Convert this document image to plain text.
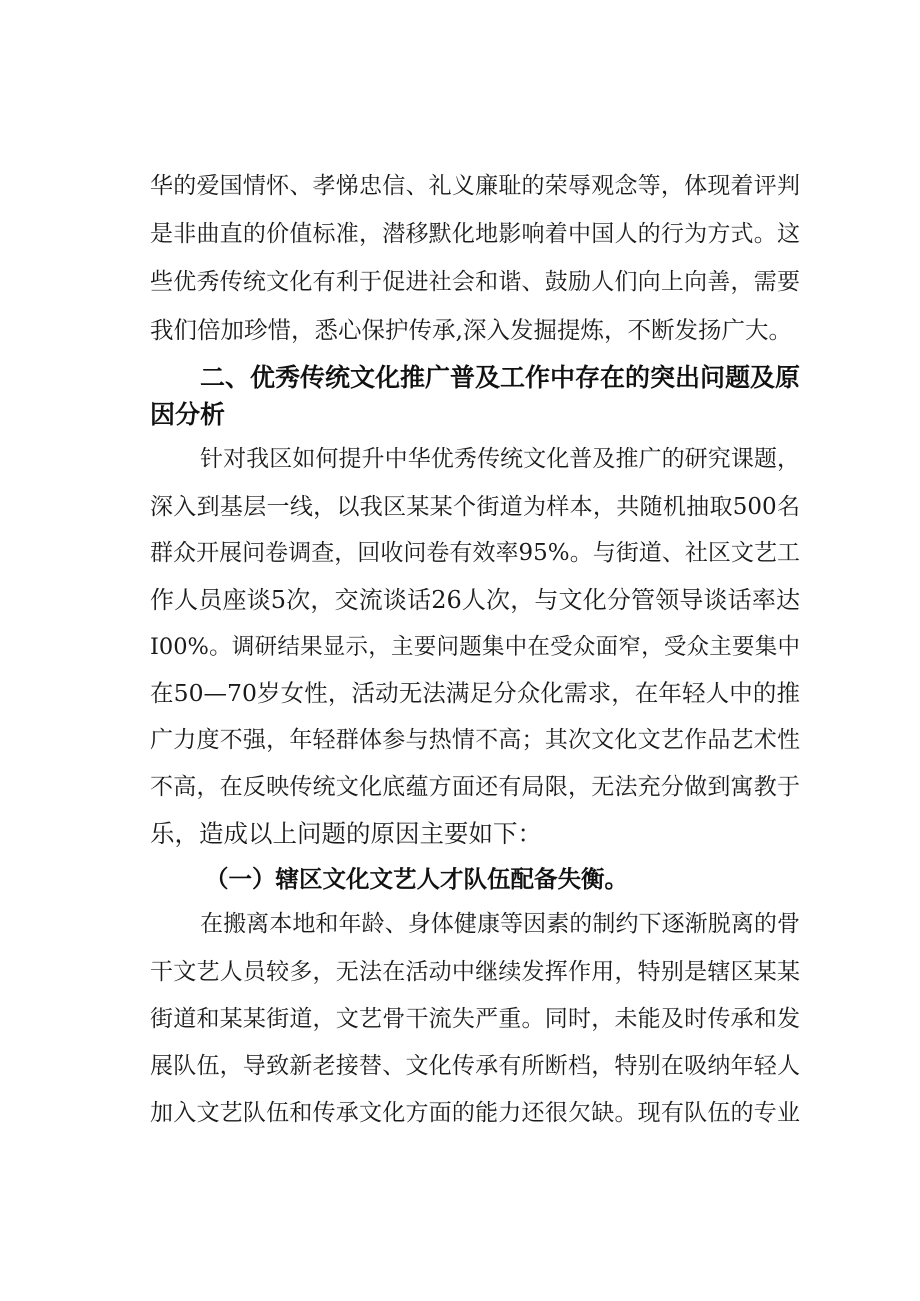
华的爱国情怀、孝悌忠信、礼义廉耻的荣辱观念等，体现着评判
是非曲直的价值标准，潜移默化地影响着中国人的行为方式。这
些优秀传统文化有利于促进社会和谐、鼓励人们向上向善，需要
我们倍加珍惜，悉心保护传承,深入发掘提炼，不断发扬广大。
二、优秀传统文化推广普及工作中存在的突出问题及原
因分析
针对我区如何提升中华优秀传统文化普及推广的研究课题，
深入到基层一线，以我区某某个街道为样本，共随机抽取500名
群众开展问卷调查，回收问卷有效率95%。与街道、社区文艺工
作人员座谈5次，交流谈话26人次，与文化分管领导谈话率达
I00%。调研结果显示，主要问题集中在受众面窄，受众主要集中
在50—70岁女性，活动无法满足分众化需求，在年轻人中的推
广力度不强，年轻群体参与热情不高；其次文化文艺作品艺术性
不高，在反映传统文化底蕴方面还有局限，无法充分做到寓教于
乐，造成以上问题的原因主要如下：
（一）辖区文化文艺人才队伍配备失衡。
在搬离本地和年龄、身体健康等因素的制约下逐渐脱离的骨
干文艺人员较多，无法在活动中继续发挥作用，特别是辖区某某
街道和某某街道，文艺骨干流失严重。同时，未能及时传承和发
展队伍，导致新老接替、文化传承有所断档，特别在吸纳年轻人
加入文艺队伍和传承文化方面的能力还很欠缺。现有队伍的专业
